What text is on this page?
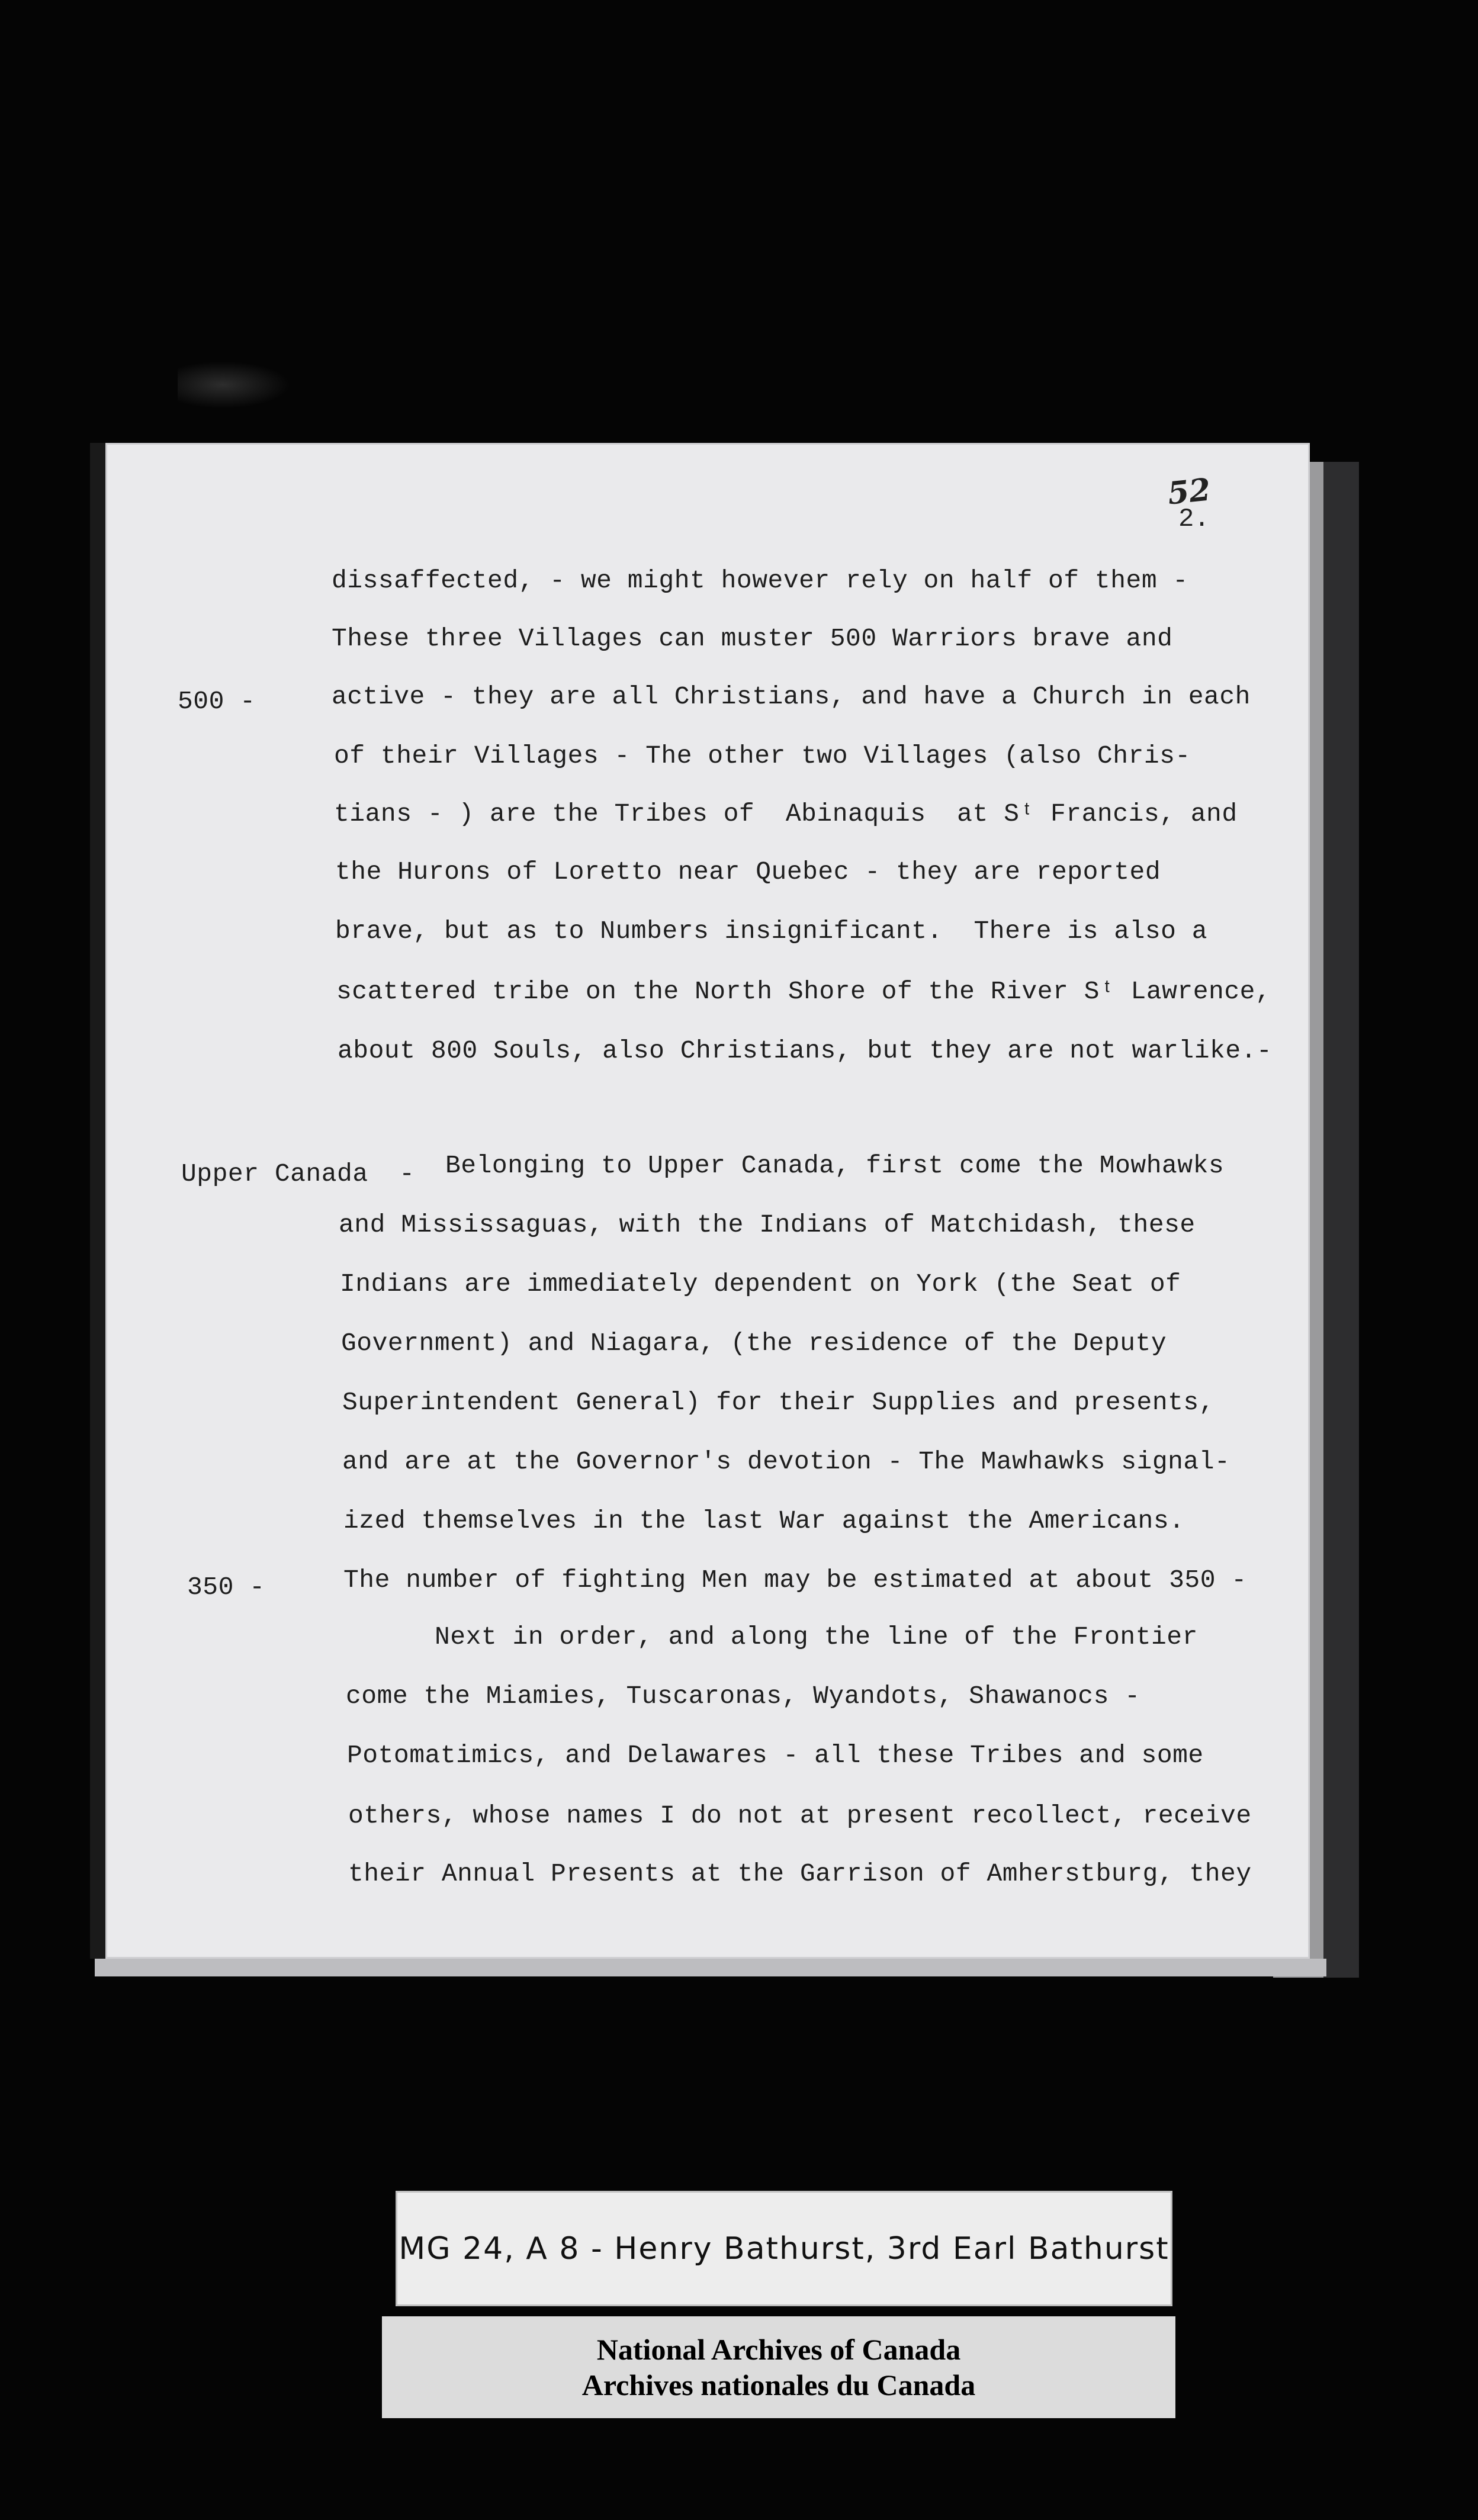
52
2.
500 -
Upper Canada  -
350 -
dissaffected, - we might however rely on half of them -
These three Villages can muster 500 Warriors brave and
active - they are all Christians, and have a Church in each
of their Villages - The other two Villages (also Chris-
tians - ) are the Tribes of  Abinaquis  at Sᵗ Francis, and
the Hurons of Loretto near Quebec - they are reported
brave, but as to Numbers insignificant.  There is also a
scattered tribe on the North Shore of the River Sᵗ Lawrence,
about 800 Souls, also Christians, but they are not warlike.-
Belonging to Upper Canada, first come the Mowhawks
and Mississaguas, with the Indians of Matchidash, these
Indians are immediately dependent on York (the Seat of
Government) and Niagara, (the residence of the Deputy
Superintendent General) for their Supplies and presents,
and are at the Governor's devotion - The Mawhawks signal-
ized themselves in the last War against the Americans.
The number of fighting Men may be estimated at about 350 -
Next in order, and along the line of the Frontier
come the Miamies, Tuscaronas, Wyandots, Shawanocs -
Potomatimics, and Delawares - all these Tribes and some
others, whose names I do not at present recollect, receive
their Annual Presents at the Garrison of Amherstburg, they
MG 24, A 8 - Henry Bathurst, 3rd Earl Bathurst
National Archives of Canada
Archives nationales du Canada
